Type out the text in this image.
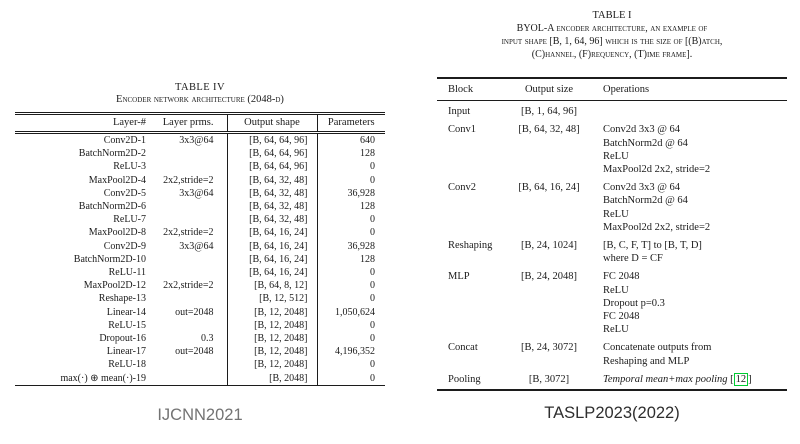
TABLE IV
Encoder network architecture (2048-d)
Layer-#	Layer prms.	Output shape	Parameters
Conv2D-1	3x3@64	[B, 64, 64, 96]	640
BatchNorm2D-2		[B, 64, 64, 96]	128
ReLU-3		[B, 64, 64, 96]	0
MaxPool2D-4	2x2,stride=2	[B, 64, 32, 48]	0
Conv2D-5	3x3@64	[B, 64, 32, 48]	36,928
BatchNorm2D-6		[B, 64, 32, 48]	128
ReLU-7		[B, 64, 32, 48]	0
MaxPool2D-8	2x2,stride=2	[B, 64, 16, 24]	0
Conv2D-9	3x3@64	[B, 64, 16, 24]	36,928
BatchNorm2D-10		[B, 64, 16, 24]	128
ReLU-11		[B, 64, 16, 24]	0
MaxPool2D-12	2x2,stride=2	[B, 64, 8, 12]	0
Reshape-13		[B, 12, 512]	0
Linear-14	out=2048	[B, 12, 2048]	1,050,624
ReLU-15		[B, 12, 2048]	0
Dropout-16	0.3	[B, 12, 2048]	0
Linear-17	out=2048	[B, 12, 2048]	4,196,352
ReLU-18		[B, 12, 2048]	0
max(·) ⊕ mean(·)-19		[B, 2048]	0
TABLE I
BYOL-A encoder architecture, an example of
input shape [B, 1, 64, 96] which is the size of [(B)atch,
(C)hannel, (F)requency, (T)ime frame].
Block	Output size	Operations
Input	[B, 1, 64, 96]	
Conv1	[B, 64, 32, 48]	Conv2d 3x3 @ 64
BatchNorm2d @ 64
ReLU
MaxPool2d 2x2, stride=2

Conv2	[B, 64, 16, 24]	Conv2d 3x3 @ 64
BatchNorm2d @ 64
ReLU
MaxPool2d 2x2, stride=2

Reshaping	[B, 24, 1024]	[B, C, F, T] to [B, T, D]
where D = CF

MLP	[B, 24, 2048]	FC 2048
ReLU
Dropout p=0.3
FC 2048
ReLU

Concat	[B, 24, 3072]	Concatenate outputs from
Reshaping and MLP

Pooling	[B, 3072]	Temporal mean+max pooling [ 12 ]
IJCNN2021	TASLP2023(2022)
